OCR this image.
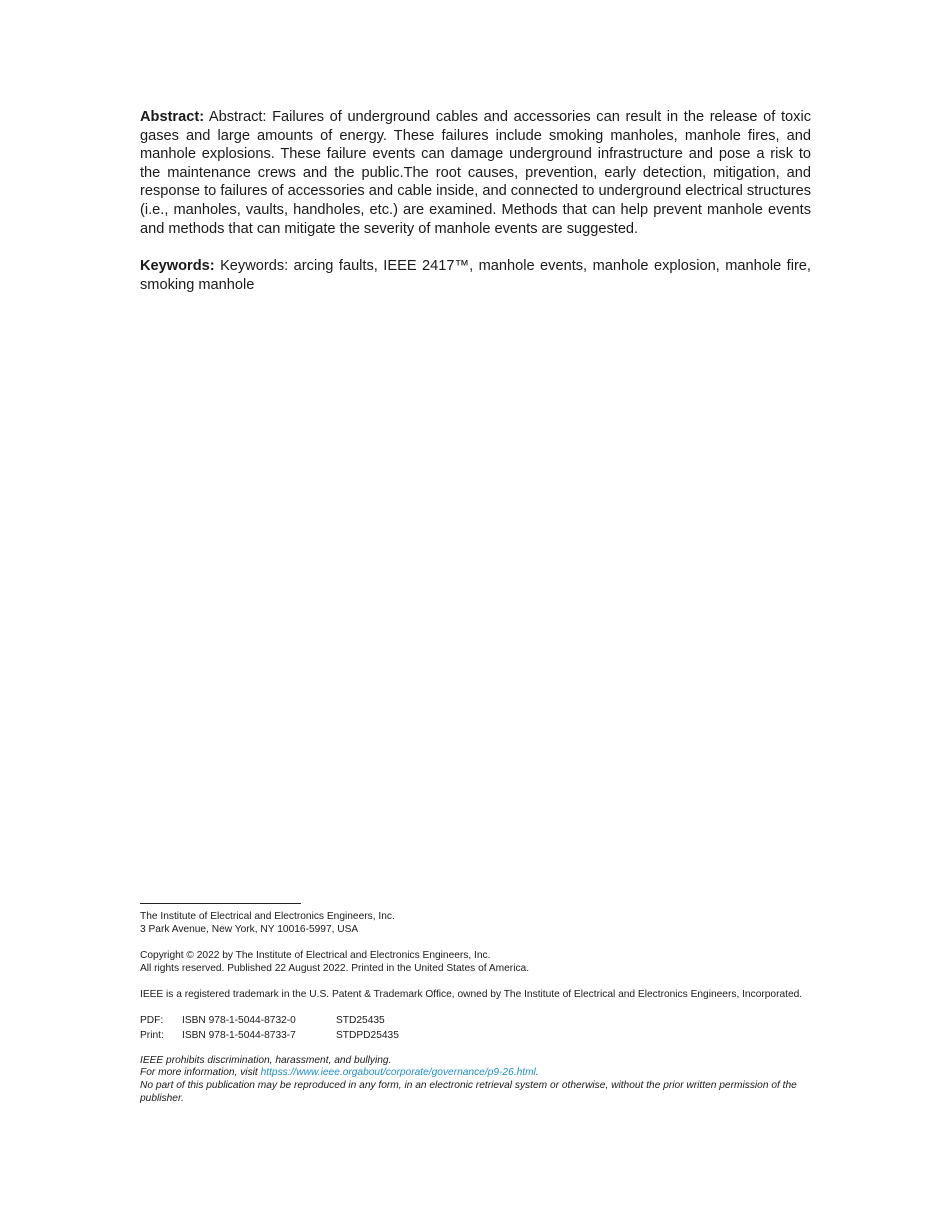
Abstract: Abstract: Failures of underground cables and accessories can result in the release of toxic gases and large amounts of energy. These failures include smoking manholes, manhole fires, and manhole explosions. These failure events can damage underground infrastructure and pose a risk to the maintenance crews and the public.The root causes, prevention, early detection, mitigation, and response to failures of accessories and cable inside, and connected to underground electrical structures (i.e., manholes, vaults, handholes, etc.) are examined. Methods that can help prevent manhole events and methods that can mitigate the severity of manhole events are suggested.

Keywords: Keywords: arcing faults, IEEE 2417™, manhole events, manhole explosion, manhole fire, smoking manhole

The Institute of Electrical and Electronics Engineers, Inc.
3 Park Avenue, New York, NY 10016-5997, USA
Copyright © 2022 by The Institute of Electrical and Electronics Engineers, Inc.
All rights reserved. Published 22 August 2022. Printed in the United States of America.
IEEE is a registered trademark in the U.S. Patent & Trademark Office, owned by The Institute of Electrical and Electronics Engineers, Incorporated.
PDF:	ISBN 978-1-5044-8732-0	STD25435
Print:	ISBN 978-1-5044-8733-7	STDPD25435
IEEE prohibits discrimination, harassment, and bullying.
For more information, visit httpss://www.ieee.orgabout/corporate/governance/p9-26.html.
No part of this publication may be reproduced in any form, in an electronic retrieval system or otherwise, without the prior written permission of the publisher.
